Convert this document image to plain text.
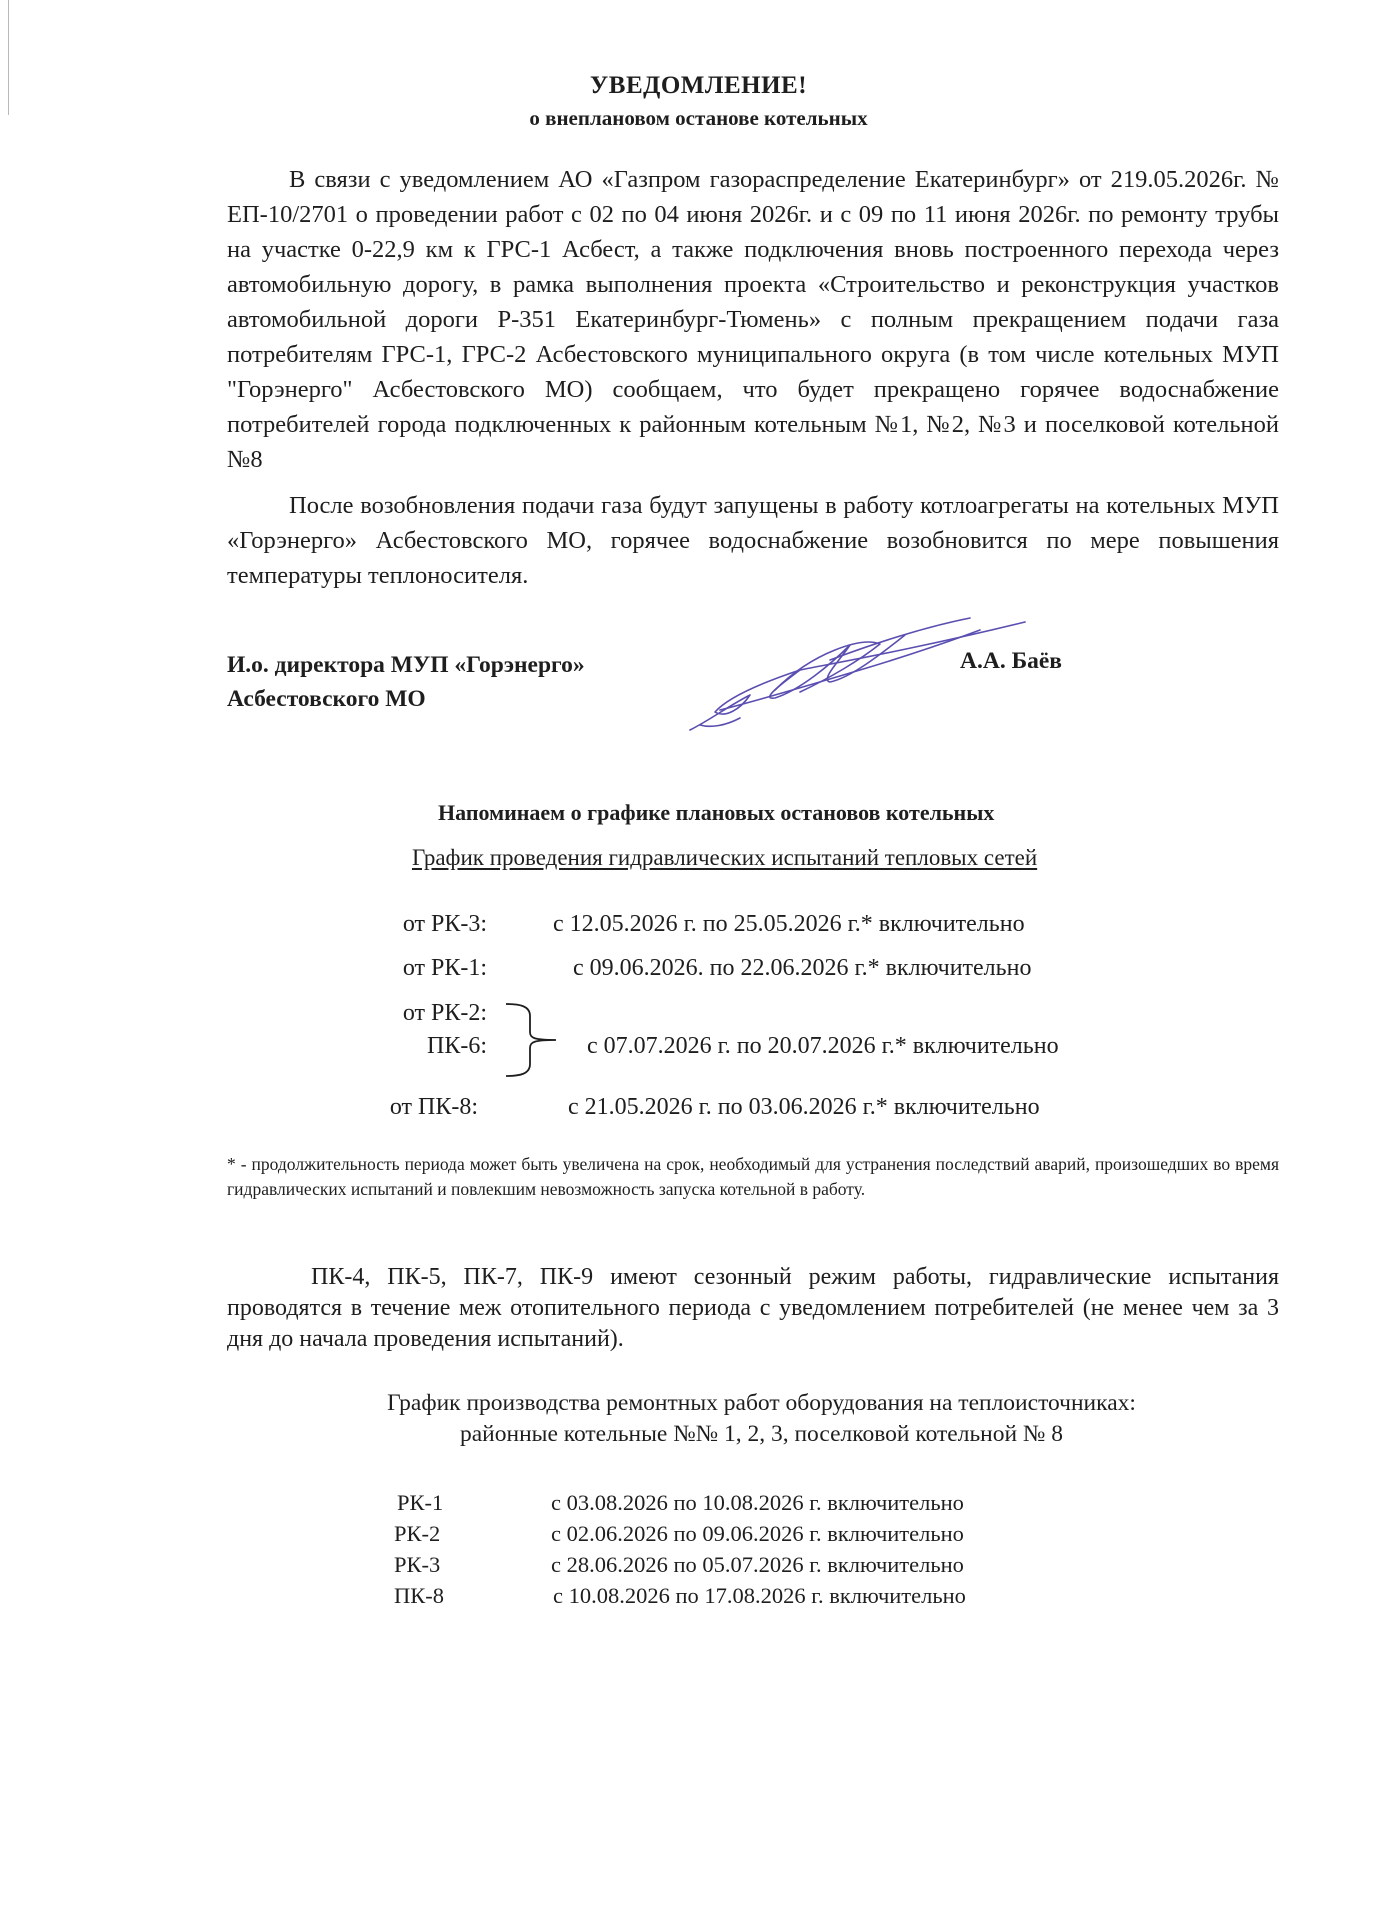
УВЕДОМЛЕНИЕ!
о внеплановом останове котельных
В связи с уведомлением АО «Газпром газораспределение Екатеринбург» от 219.05.2026г. № ЕП-10/2701 о проведении работ с 02 по 04 июня 2026г. и с 09 по 11 июня 2026г. по ремонту трубы на участке 0-22,9 км к ГРС-1 Асбест, а также подключения вновь построенного перехода через автомобильную дорогу, в рамка выполнения проекта «Строительство и реконструкция участков автомобильной дороги Р-351 Екатеринбург-Тюмень» с полным прекращением подачи газа потребителям ГРС-1, ГРС-2 Асбестовского муниципального округа (в том числе котельных МУП "Горэнерго" Асбестовского МО) сообщаем, что будет прекращено горячее водоснабжение потребителей города подключенных к районным котельным №1, №2, №3 и поселковой котельной №8
После возобновления подачи газа будут запущены в работу котлоагрегаты на котельных МУП «Горэнерго» Асбестовского МО, горячее водоснабжение возобновится по мере повышения температуры теплоносителя.
И.о. директора МУП «Горэнерго»
Асбестовского МО
А.А. Баёв
Напоминаем о графике плановых остановов котельных
График проведения гидравлических испытаний тепловых сетей
от РК-3:	с 12.05.2026 г. по 25.05.2026 г.* включительно
от РК-1:	с 09.06.2026. по 22.06.2026 г.* включительно
от РК-2:
ПК-6:	с 07.07.2026 г. по 20.07.2026 г.* включительно
от ПК-8:	с 21.05.2026 г. по 03.06.2026 г.* включительно
* - продолжительность периода может быть увеличена на срок, необходимый для устранения последствий аварий, произошедших во время гидравлических испытаний и повлекшим невозможность запуска котельной в работу.
ПК-4, ПК-5, ПК-7, ПК-9 имеют сезонный режим работы, гидравлические испытания проводятся в течение меж отопительного периода с уведомлением потребителей (не менее чем за 3 дня до начала проведения испытаний).
График производства ремонтных работ оборудования на теплоисточниках:
районные котельные №№ 1, 2, 3, поселковой котельной № 8
РК-1	с 03.08.2026 по 10.08.2026 г. включительно
РК-2	с 02.06.2026 по 09.06.2026 г. включительно
РК-3	с 28.06.2026 по 05.07.2026 г. включительно
ПК-8	с 10.08.2026 по 17.08.2026 г. включительно
